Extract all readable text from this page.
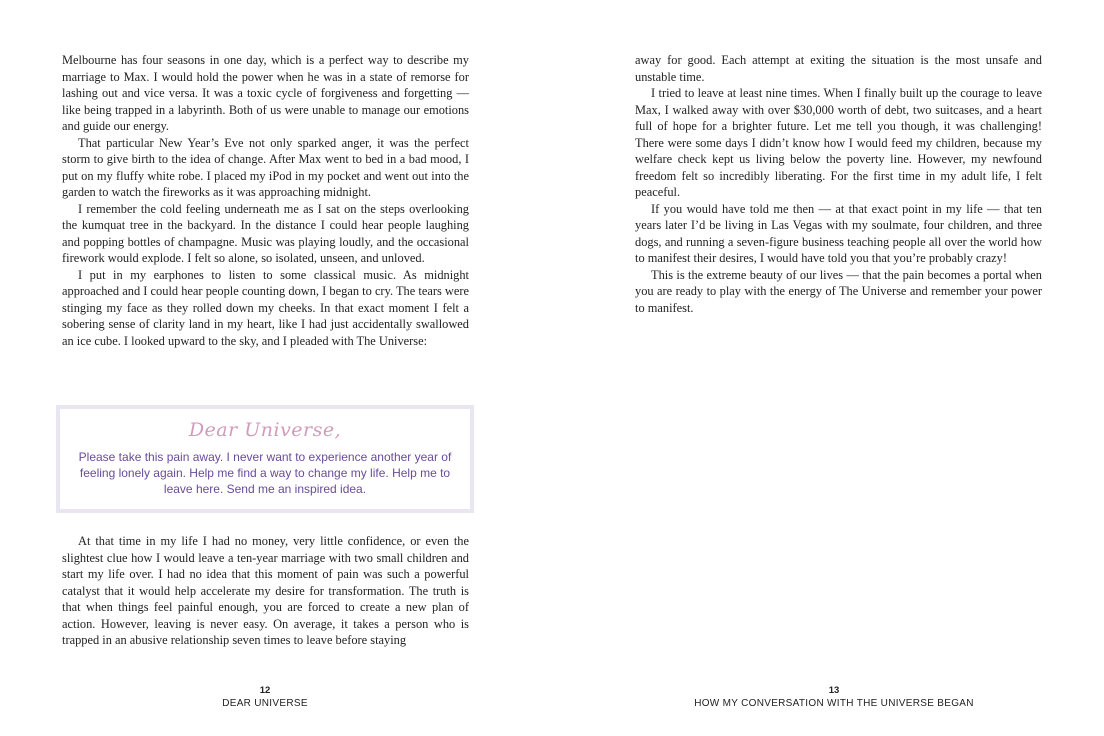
Melbourne has four seasons in one day, which is a perfect way to describe my marriage to Max. I would hold the power when he was in a state of remorse for lashing out and vice versa. It was a toxic cycle of forgiveness and forgetting — like being trapped in a labyrinth. Both of us were unable to manage our emotions and guide our energy.

That particular New Year’s Eve not only sparked anger, it was the perfect storm to give birth to the idea of change. After Max went to bed in a bad mood, I put on my fluffy white robe. I placed my iPod in my pocket and went out into the garden to watch the fireworks as it was approaching midnight.

I remember the cold feeling underneath me as I sat on the steps overlooking the kumquat tree in the backyard. In the distance I could hear people laughing and popping bottles of champagne. Music was playing loudly, and the occasional firework would explode. I felt so alone, so isolated, unseen, and unloved.

I put in my earphones to listen to some classical music. As midnight approached and I could hear people counting down, I began to cry. The tears were stinging my face as they rolled down my cheeks. In that exact moment I felt a sobering sense of clarity land in my heart, like I had just accidentally swallowed an ice cube. I looked upward to the sky, and I pleaded with The Universe:

Dear Universe,
Please take this pain away. I never want to experience another year of feeling lonely again. Help me find a way to change my life. Help me to leave here. Send me an inspired idea.

At that time in my life I had no money, very little confidence, or even the slightest clue how I would leave a ten-year marriage with two small children and start my life over. I had no idea that this moment of pain was such a powerful catalyst that it would help accelerate my desire for transformation. The truth is that when things feel painful enough, you are forced to create a new plan of action. However, leaving is never easy. On average, it takes a person who is trapped in an abusive relationship seven times to leave before staying

12
DEAR UNIVERSE

away for good. Each attempt at exiting the situation is the most unsafe and unstable time.

I tried to leave at least nine times. When I finally built up the courage to leave Max, I walked away with over $30,000 worth of debt, two suitcases, and a heart full of hope for a brighter future. Let me tell you though, it was challenging! There were some days I didn’t know how I would feed my children, because my welfare check kept us living below the poverty line. However, my newfound freedom felt so incredibly liberating. For the first time in my adult life, I felt peaceful.

If you would have told me then — at that exact point in my life — that ten years later I’d be living in Las Vegas with my soulmate, four children, and three dogs, and running a seven-figure business teaching people all over the world how to manifest their desires, I would have told you that you’re probably crazy!

This is the extreme beauty of our lives — that the pain becomes a portal when you are ready to play with the energy of The Universe and remember your power to manifest.

13
HOW MY CONVERSATION WITH THE UNIVERSE BEGAN
